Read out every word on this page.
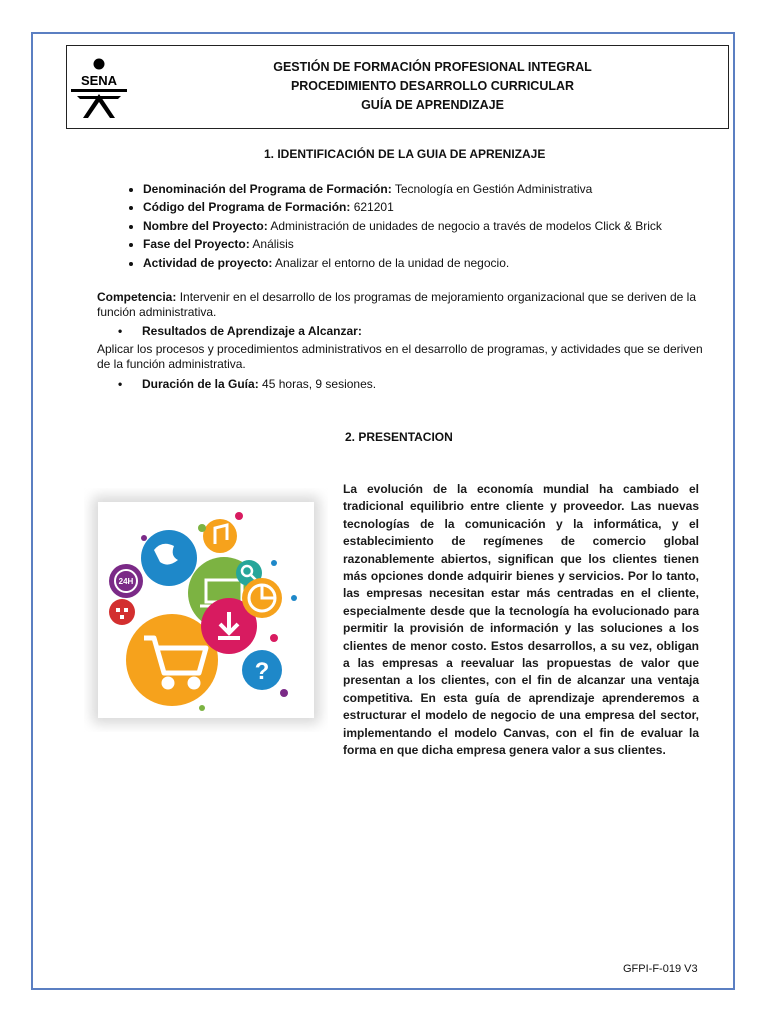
SENA
GESTIÓN DE FORMACIÓN PROFESIONAL INTEGRAL
PROCEDIMIENTO DESARROLLO CURRICULAR
GUÍA DE APRENDIZAJE
1. IDENTIFICACIÓN DE LA GUIA DE APRENIZAJE
• Denominación del Programa de Formación: Tecnología en Gestión Administrativa
• Código del Programa de Formación: 621201
• Nombre del Proyecto: Administración de unidades de negocio a través de modelos Click & Brick
• Fase del Proyecto: Análisis
• Actividad de proyecto: Analizar el entorno de la unidad de negocio.
Competencia: Intervenir en el desarrollo de los programas de mejoramiento organizacional que se deriven de la función administrativa.
• Resultados de Aprendizaje a Alcanzar:
Aplicar los procesos y procedimientos administrativos en el desarrollo de programas, y actividades que se deriven de la función administrativa.
• Duración de la Guía: 45 horas, 9 sesiones.
2. PRESENTACION
24H
?
La evolución de la economía mundial ha cambiado el tradicional equilibrio entre cliente y proveedor. Las nuevas tecnologías de la comunicación y la informática, y el establecimiento de regímenes de comercio global razonablemente abiertos, significan que los clientes tienen más opciones donde adquirir bienes y servicios. Por lo tanto, las empresas necesitan estar más centradas en el cliente, especialmente desde que la tecnología ha evolucionado para permitir la provisión de información y las soluciones a los clientes de menor costo. Estos desarrollos, a su vez, obligan a las empresas a reevaluar las propuestas de valor que presentan a los clientes, con el fin de alcanzar una ventaja competitiva. En esta guía de aprendizaje aprenderemos a estructurar el modelo de negocio de una empresa del sector, implementando el modelo Canvas, con el fin de evaluar la forma en que dicha empresa genera valor a sus clientes.
GFPI-F-019 V3
